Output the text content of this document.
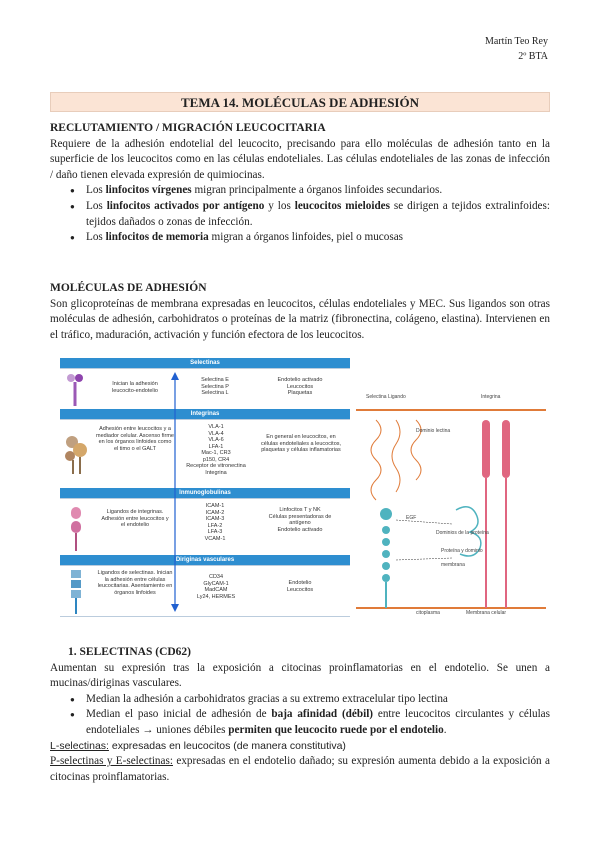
Martín Teo Rey
2º BTA
TEMA 14. MOLÉCULAS DE ADHESIÓN
RECLUTAMIENTO / MIGRACIÓN LEUCOCITARIA
Requiere de la adhesión endotelial del leucocito, precisando para ello moléculas de adhesión tanto en la superficie de los leucocitos como en las células endoteliales. Las células endoteliales de las zonas de infección / daño tienen elevada expresión de quimiocinas.
● Los linfocitos vírgenes migran principalmente a órganos linfoides secundarios.
● Los linfocitos activados por antígeno y los leucocitos mieloides se dirigen a tejidos extralinfoides: tejidos dañados o zonas de infección.
● Los linfocitos de memoria migran a órganos linfoides, piel o mucosas
MOLÉCULAS DE ADHESIÓN
Son glicoproteínas de membrana expresadas en leucocitos, células endoteliales y MEC. Sus ligandos son otras moléculas de adhesión, carbohidratos o proteínas de la matriz (fibronectina, colágeno, elastina). Intervienen en el tráfico, maduración, activación y función efectora de los leucocitos.
Selectinas
Inician la adhesión leucocito-endotelio
Selectina E
Selectina P
Selectina L
Endotelio activado
Leucocitos
Plaquetas
Integrinas
Adhesión entre leucocitos y a mediador celular. Ascenso firme en los órganos linfoides como el timo o el GALT
VLA-1
VLA-4
VLA-6
LFA-1
Mac-1, CR3
p150, CR4
Receptor de vitronectina
Integrina
En general en leucocitos, en células endoteliales a leucocitos, plaquetas y células inflamatorias
Inmunoglobulinas
Ligandos de integrinas. Adhesión entre leucocitos y el endotelio
ICAM-1
ICAM-2
ICAM-3
LFA-2
LFA-3
VCAM-1
Linfocitos T y NK
Células presentadoras de antígeno
Endotelio activado
Diriginas vasculares
Ligandos de selectinas. Inician la adhesión entre células leucocitarias. Asentamiento en órganos linfoides
CD34
GlyCAM-1
MadCAM
Ly24, HERMES
Endotelio
Leucocitos
Selectina Ligando	Integrina
Dominio lectina
EGF
Dominios de la proteína
Proteína y dominio
membrana
Membrana celular
citoplasma
1. SELECTINAS (CD62)
Aumentan su expresión tras la exposición a citocinas proinflamatorias en el endotelio. Se unen a mucinas/diriginas vasculares.
● Median la adhesión a carbohidratos gracias a su extremo extracelular tipo lectina
● Median el paso inicial de adhesión de baja afinidad (débil) entre leucocitos circulantes y células endoteliales → uniones débiles permiten que leucocito ruede por el endotelio.
L-selectinas: expresadas en leucocitos (de manera constitutiva)
P-selectinas y E-selectinas: expresadas en el endotelio dañado; su expresión aumenta debido a la exposición a citocinas proinflamatorias.
